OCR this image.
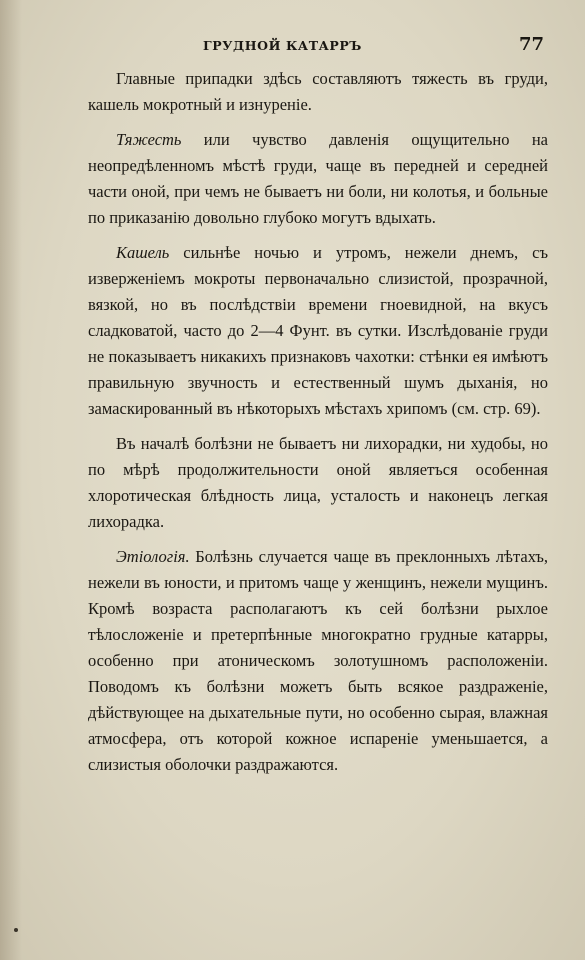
ГРУДНОЙ КАТАРРЪ	77

Главные припадки здѣсь составляютъ тяжесть въ груди, кашель мокротный и изнуреніе.

Тяжесть или чувство давленія ощущительно на неопредѣленномъ мѣстѣ груди, чаще въ передней и середней части оной, при чемъ не бываетъ ни боли, ни колотья, и больные по приказанію довольно глубоко могутъ вдыхать.

Кашель сильнѣе ночью и утромъ, нежели днемъ, съ изверженіемъ мокроты первоначально слизистой, прозрачной, вязкой, но въ послѣдствіи времени гноевидной, на вкусъ сладковатой, часто до 2—4 Фунт. въ сутки. Изслѣдованіе груди не показываетъ никакихъ признаковъ чахотки: стѣнки ея имѣютъ правильную звучность и естественный шумъ дыханія, но замаскированный въ нѣкоторыхъ мѣстахъ хрипомъ (см. стр. 69).

Въ началѣ болѣзни не бываетъ ни лихорадки, ни худобы, но по мѣрѣ продолжительности оной являетъся особенная хлоротическая блѣдность лица, усталость и наконецъ легкая лихорадка.

Этіологія. Болѣзнь случается чаще въ преклонныхъ лѣтахъ, нежели въ юности, и притомъ чаще у женщинъ, нежели мущинъ. Кромѣ возраста располагаютъ къ сей болѣзни рыхлое тѣлосложеніе и претерпѣнные многократно грудные катарры, особенно при атоническомъ золотушномъ расположеніи. Поводомъ къ болѣзни можетъ быть всякое раздраженіе, дѣйствующее на дыхательные пути, но особенно сырая, влажная атмосфера, отъ которой кожное испареніе уменьшается, а слизистыя оболочки раздражаются.
